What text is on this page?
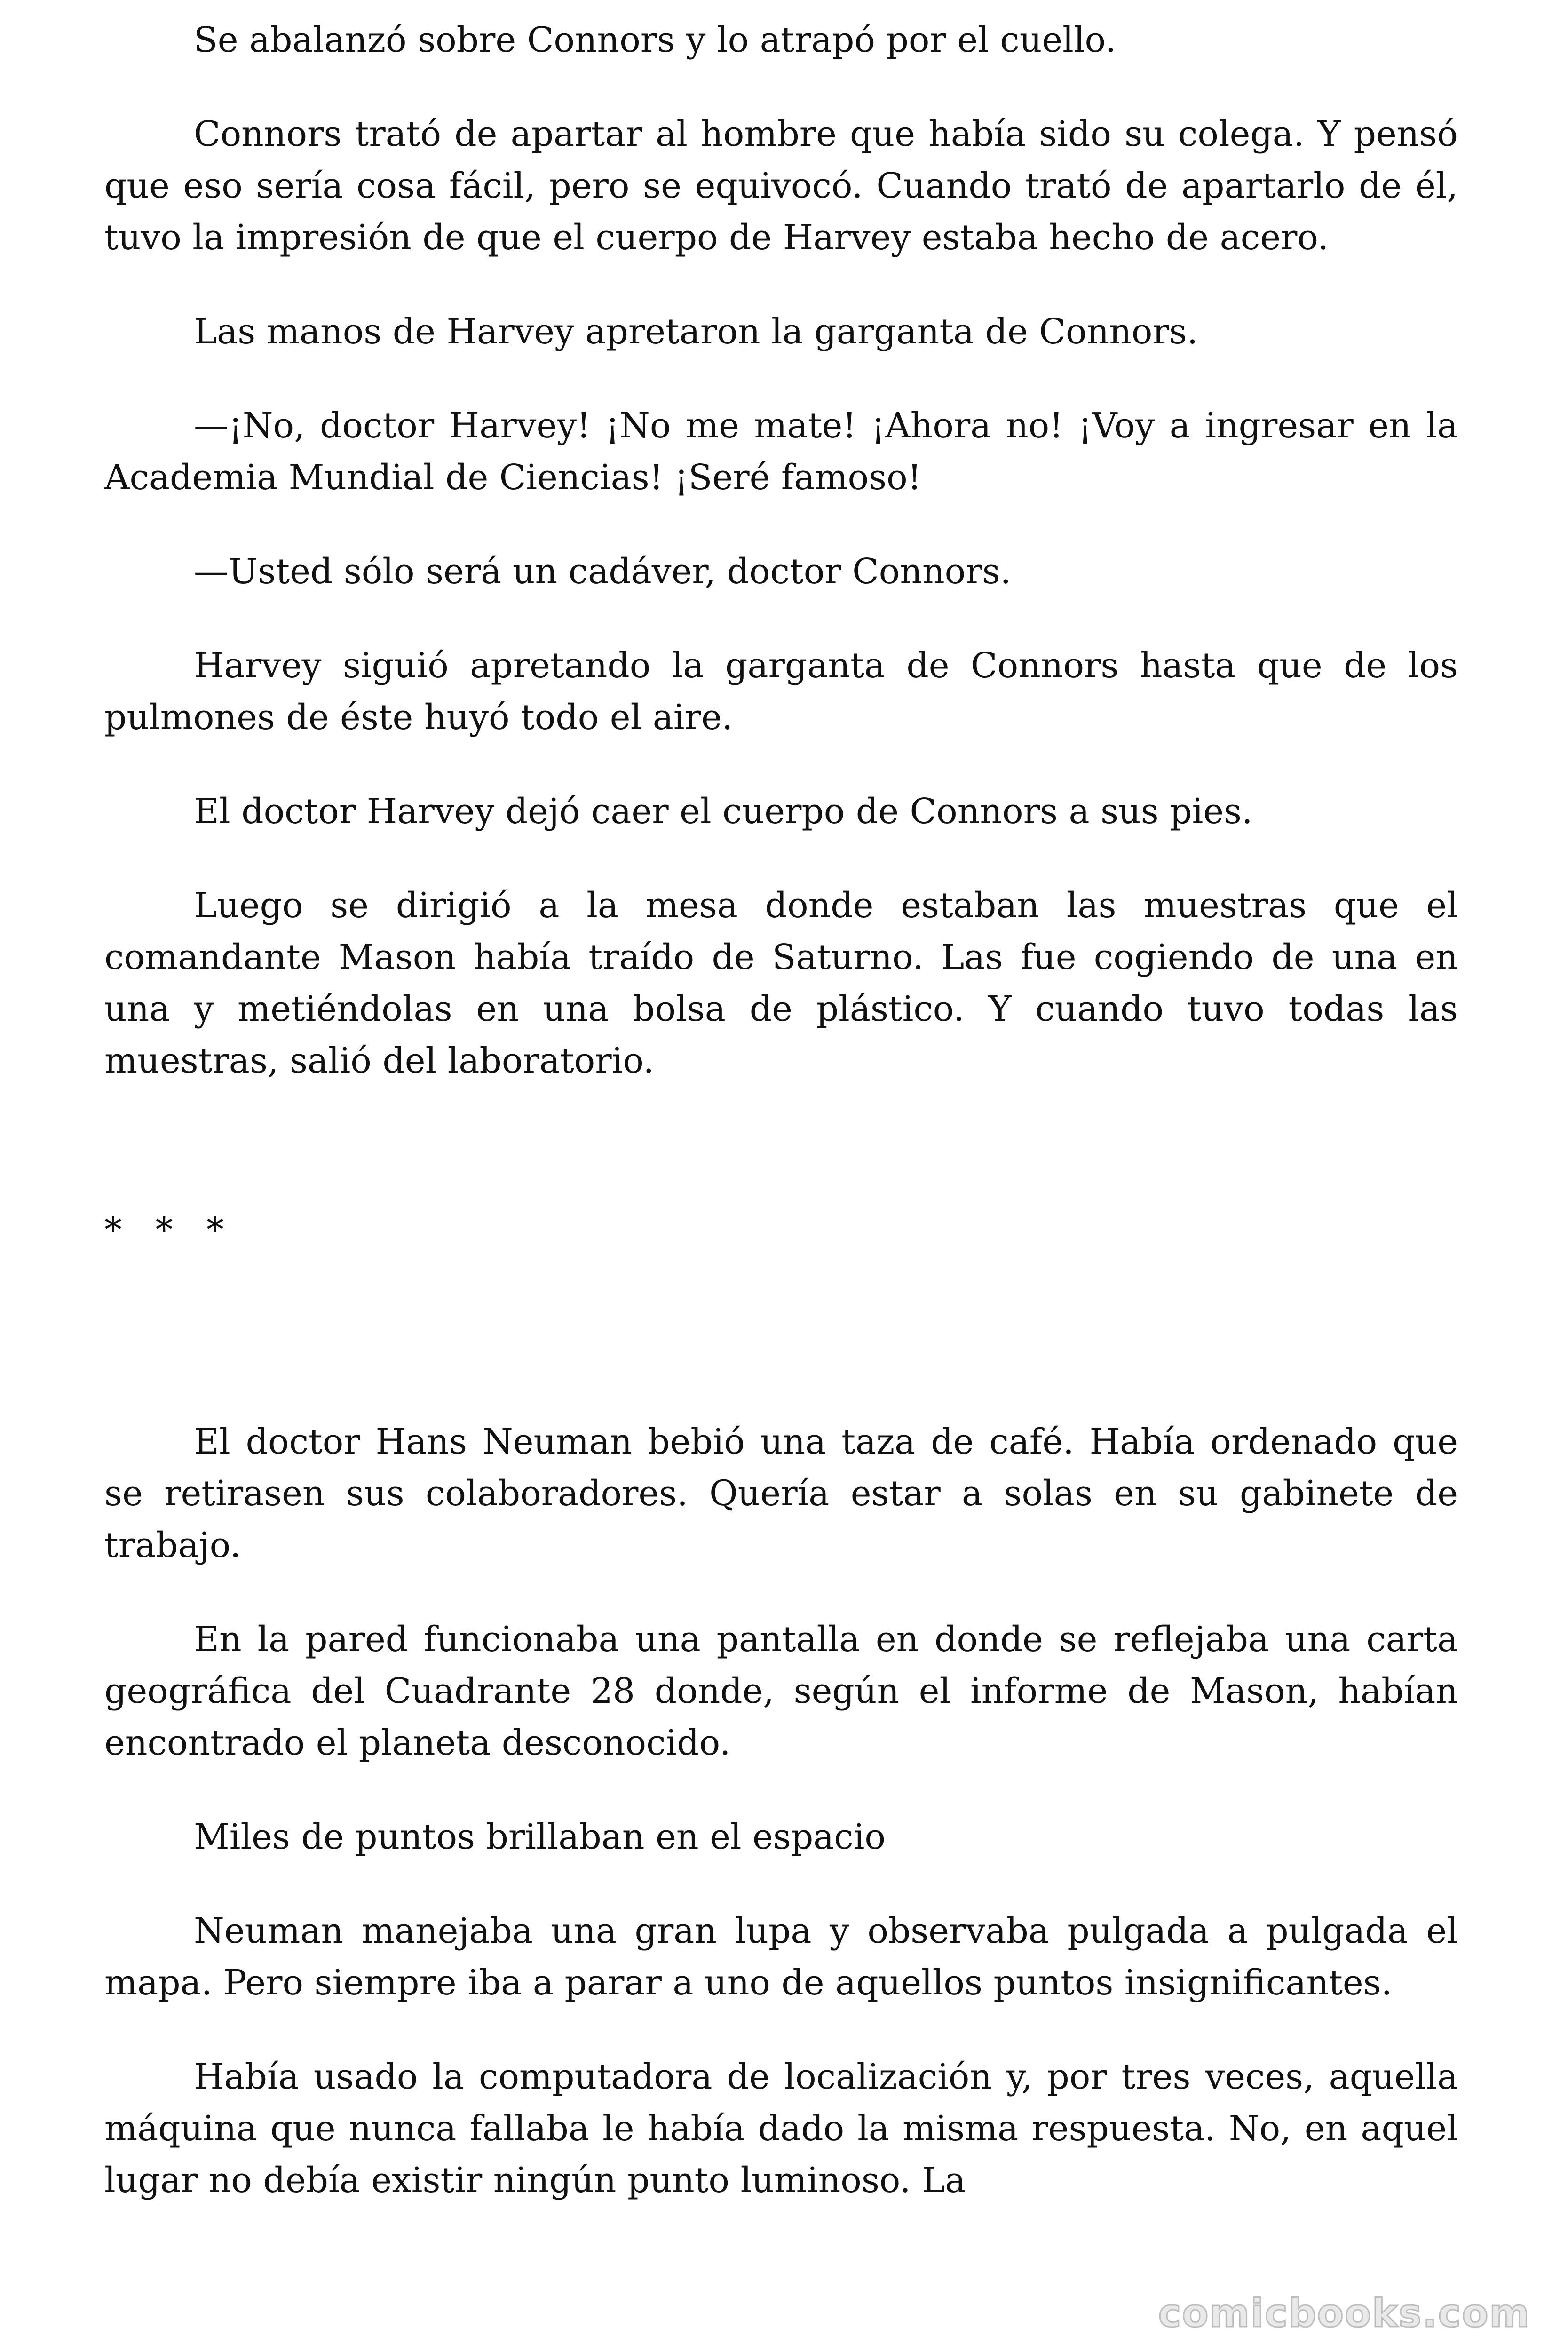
Se abalanzó sobre Connors y lo atrapó por el cuello.

Connors trató de apartar al hombre que había sido su colega. Y pensó que eso sería cosa fácil, pero se equivocó. Cuando trató de apartarlo de él, tuvo la impresión de que el cuerpo de Harvey estaba hecho de acero.

Las manos de Harvey apretaron la garganta de Connors.

—¡No, doctor Harvey! ¡No me mate! ¡Ahora no! ¡Voy a ingresar en la Academia Mundial de Ciencias! ¡Seré famoso!

—Usted sólo será un cadáver, doctor Connors.

Harvey siguió apretando la garganta de Connors hasta que de los pulmones de éste huyó todo el aire.

El doctor Harvey dejó caer el cuerpo de Connors a sus pies.

Luego se dirigió a la mesa donde estaban las muestras que el comandante Mason había traído de Saturno. Las fue cogiendo de una en una y metiéndolas en una bolsa de plástico. Y cuando tuvo todas las muestras, salió del laboratorio.

* * *

El doctor Hans Neuman bebió una taza de café. Había ordenado que se retirasen sus colaboradores. Quería estar a solas en su gabinete de trabajo.

En la pared funcionaba una pantalla en donde se reflejaba una carta geográfica del Cuadrante 28 donde, según el informe de Mason, habían encontrado el planeta desconocido.

Miles de puntos brillaban en el espacio

Neuman manejaba una gran lupa y observaba pulgada a pulgada el mapa. Pero siempre iba a parar a uno de aquellos puntos insignificantes.

Había usado la computadora de localización y, por tres veces, aquella máquina que nunca fallaba le había dado la misma respuesta. No, en aquel lugar no debía existir ningún punto luminoso. La

comicbooks.com
